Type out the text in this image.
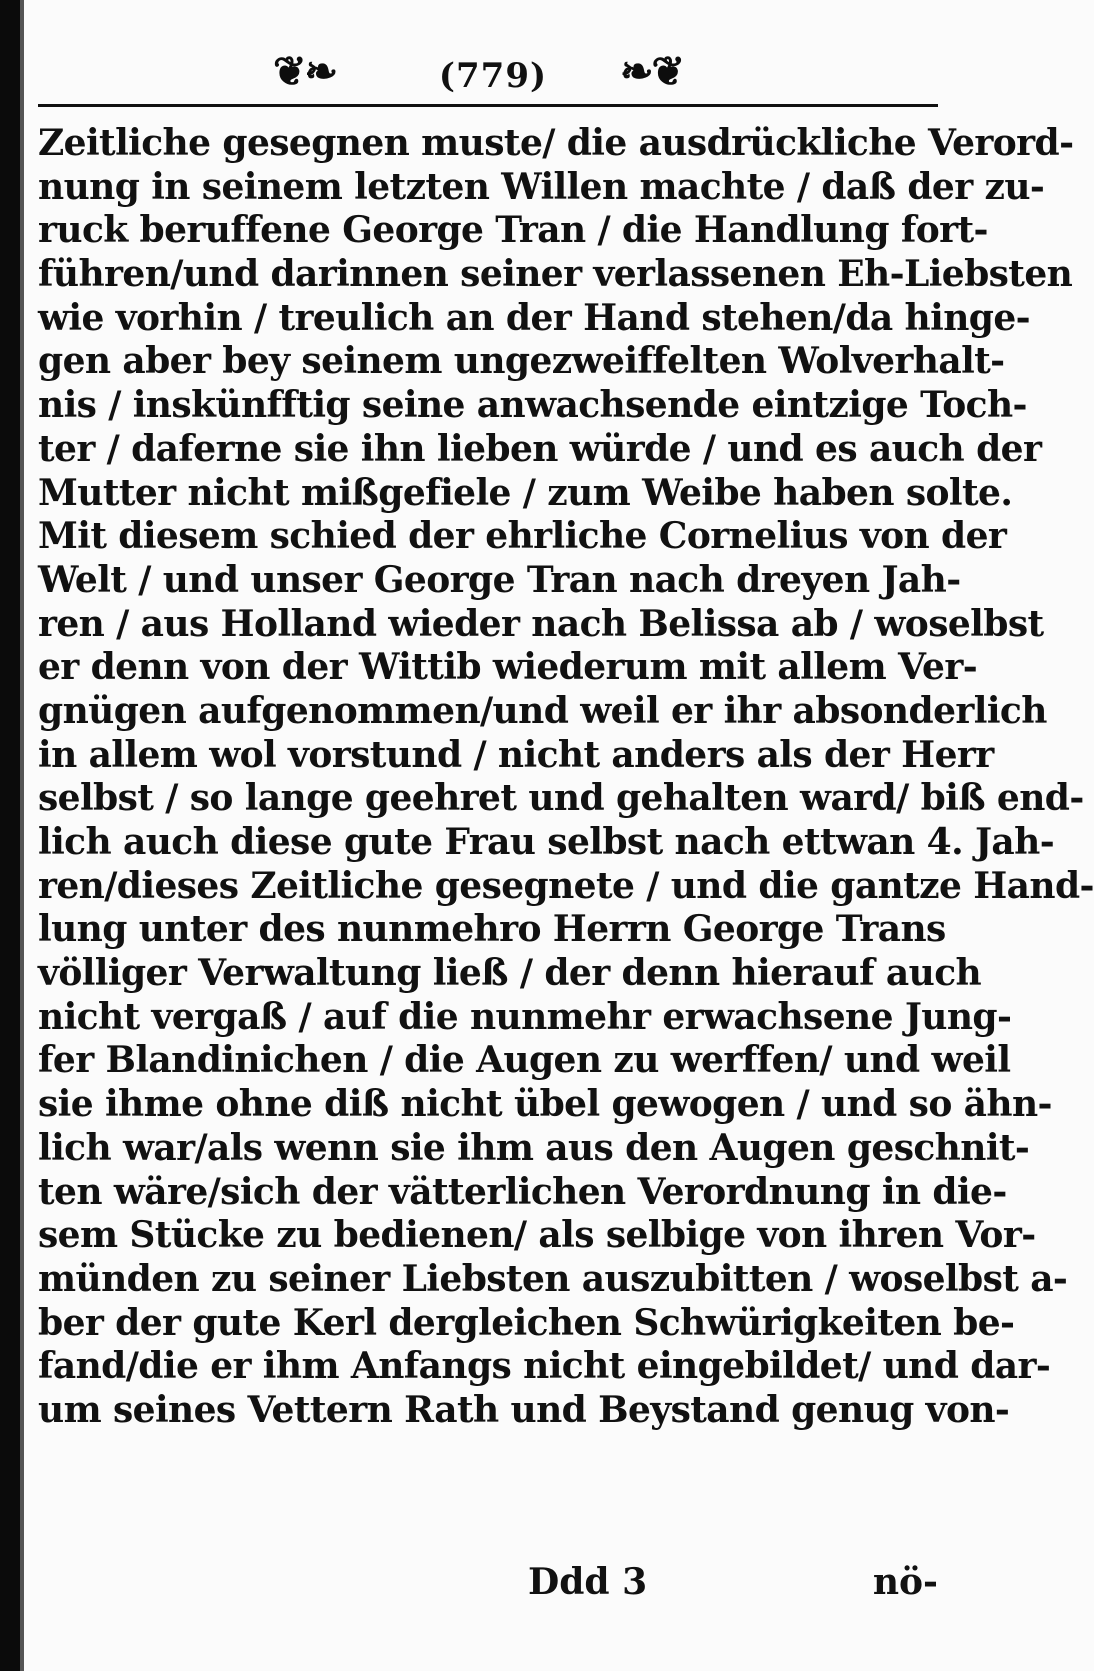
❦❧	(779)	❧❦
Zeitliche gesegnen muste/ die ausdrückliche Verord-
nung in seinem letzten Willen machte / daß der zu-
ruck beruffene George Tran / die Handlung fort-
führen/und darinnen seiner verlassenen Eh-Liebsten
wie vorhin / treulich an der Hand stehen/da hinge-
gen aber bey seinem ungezweiffelten Wolverhalt-
nis / inskünfftig seine anwachsende eintzige Toch-
ter / daferne sie ihn lieben würde / und es auch der
Mutter nicht mißgefiele / zum Weibe haben solte.
Mit diesem schied der ehrliche Cornelius von der
Welt / und unser George Tran nach dreyen Jah-
ren / aus Holland wieder nach Belissa ab / woselbst
er denn von der Wittib wiederum mit allem Ver-
gnügen aufgenommen/und weil er ihr absonderlich
in allem wol vorstund / nicht anders als der Herr
selbst / so lange geehret und gehalten ward/ biß end-
lich auch diese gute Frau selbst nach ettwan 4. Jah-
ren/dieses Zeitliche gesegnete / und die gantze Hand-
lung unter des nunmehro Herrn George Trans
völliger Verwaltung ließ / der denn hierauf auch
nicht vergaß / auf die nunmehr erwachsene Jung-
fer Blandinichen / die Augen zu werffen/ und weil
sie ihme ohne diß nicht übel gewogen / und so ähn-
lich war/als wenn sie ihm aus den Augen geschnit-
ten wäre/sich der vätterlichen Verordnung in die-
sem Stücke zu bedienen/ als selbige von ihren Vor-
münden zu seiner Liebsten auszubitten / woselbst a-
ber der gute Kerl dergleichen Schwürigkeiten be-
fand/die er ihm Anfangs nicht eingebildet/ und dar-
um seines Vettern Rath und Beystand genug von-
Ddd 3	nö-
